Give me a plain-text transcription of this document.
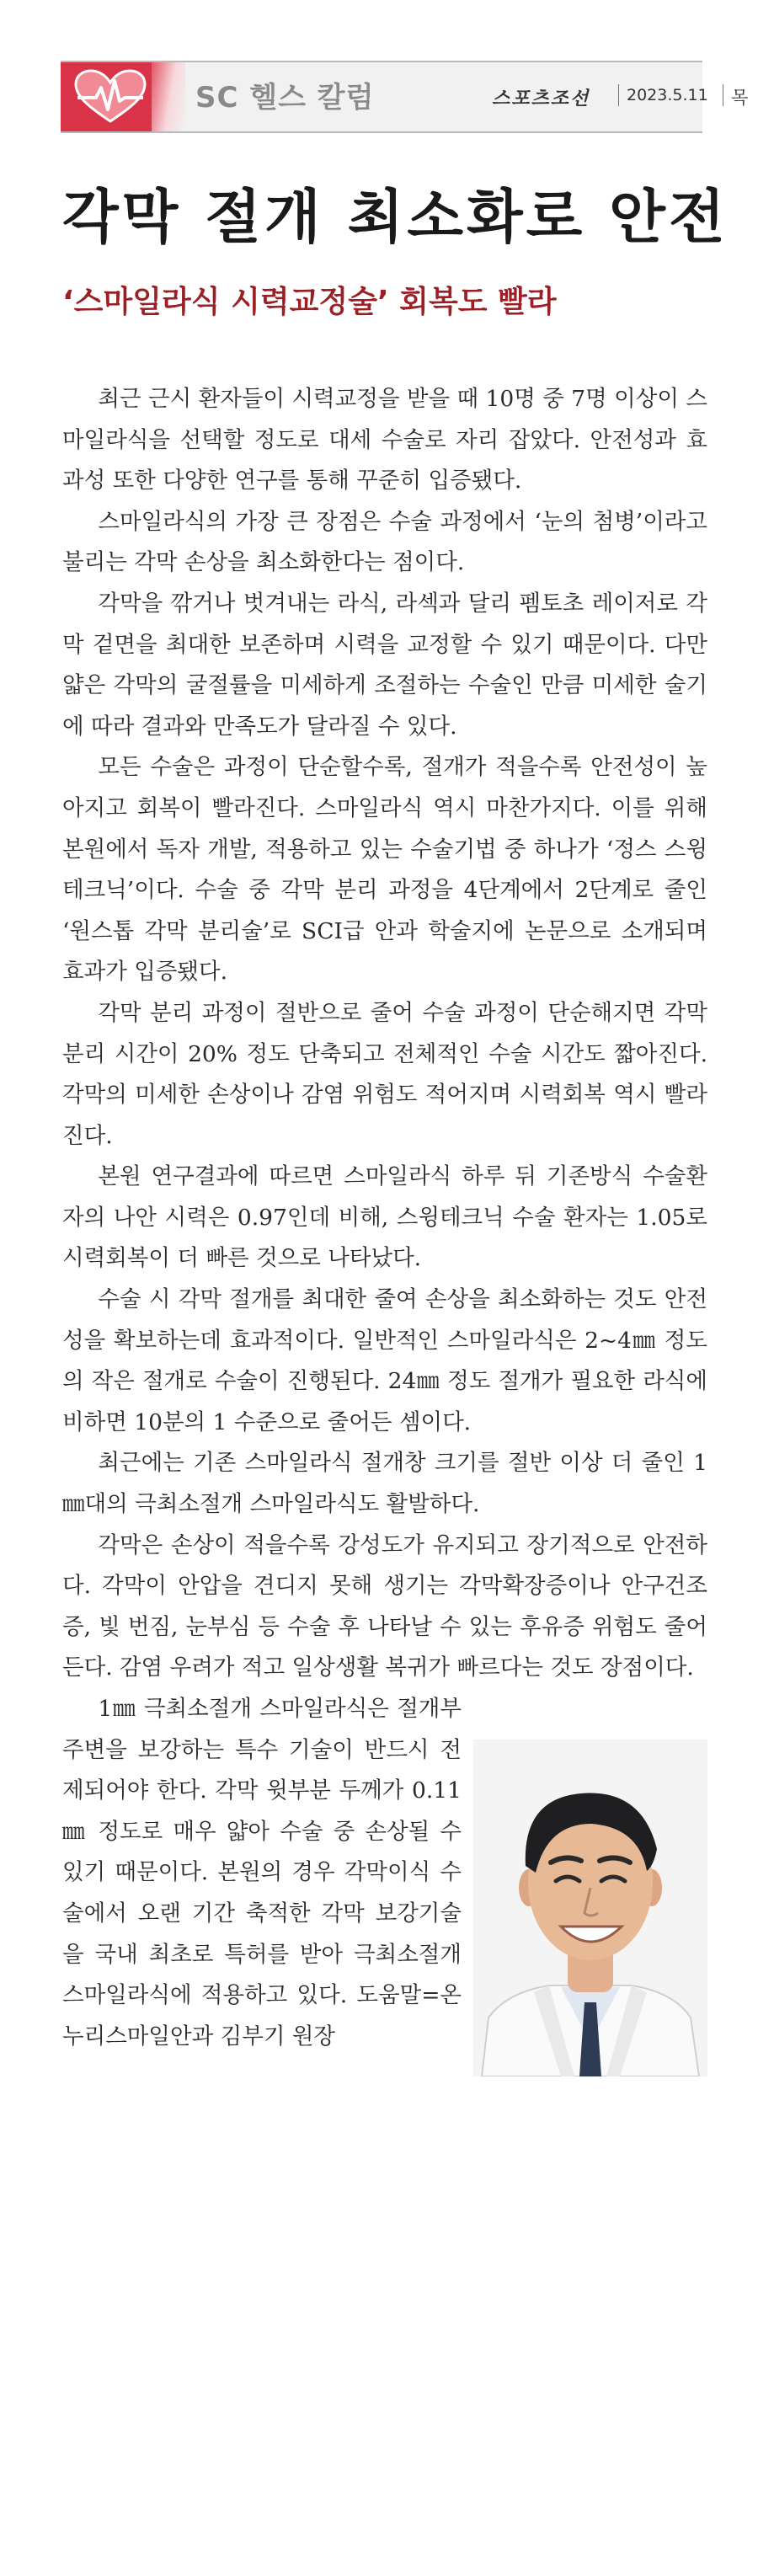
SC 헬스 칼럼	스포츠조선 2023.5.11 목
각막 절개 최소화로 안전
‘스마일라식 시력교정술’ 회복도 빨라

최근 근시 환자들이 시력교정을 받을 때 10명 중 7명 이상이 스마일라식을 선택할 정도로 대세 수술로 자리 잡았다. 안전성과 효과성 또한 다양한 연구를 통해 꾸준히 입증됐다.

스마일라식의 가장 큰 장점은 수술 과정에서 ‘눈의 첨병’이라고 불리는 각막 손상을 최소화한다는 점이다.

각막을 깎거나 벗겨내는 라식, 라섹과 달리 펨토초 레이저로 각막 겉면을 최대한 보존하며 시력을 교정할 수 있기 때문이다. 다만 얇은 각막의 굴절률을 미세하게 조절하는 수술인 만큼 미세한 술기에 따라 결과와 만족도가 달라질 수 있다.

모든 수술은 과정이 단순할수록, 절개가 적을수록 안전성이 높아지고 회복이 빨라진다. 스마일라식 역시 마찬가지다. 이를 위해 본원에서 독자 개발, 적용하고 있는 수술기법 중 하나가 ‘정스 스윙테크닉’이다. 수술 중 각막 분리 과정을 4단계에서 2단계로 줄인 ‘원스톱 각막 분리술’로 SCI급 안과 학술지에 논문으로 소개되며 효과가 입증됐다.

각막 분리 과정이 절반으로 줄어 수술 과정이 단순해지면 각막 분리 시간이 20% 정도 단축되고 전체적인 수술 시간도 짧아진다. 각막의 미세한 손상이나 감염 위험도 적어지며 시력회복 역시 빨라진다.

본원 연구결과에 따르면 스마일라식 하루 뒤 기존방식 수술환자의 나안 시력은 0.97인데 비해, 스윙테크닉 수술 환자는 1.05로 시력회복이 더 빠른 것으로 나타났다.

수술 시 각막 절개를 최대한 줄여 손상을 최소화하는 것도 안전성을 확보하는데 효과적이다. 일반적인 스마일라식은 2~4㎜ 정도의 작은 절개로 수술이 진행된다. 24㎜ 정도 절개가 필요한 라식에 비하면 10분의 1 수준으로 줄어든 셈이다.

최근에는 기존 스마일라식 절개창 크기를 절반 이상 더 줄인 1㎜대의 극최소절개 스마일라식도 활발하다.

각막은 손상이 적을수록 강성도가 유지되고 장기적으로 안전하다. 각막이 안압을 견디지 못해 생기는 각막확장증이나 안구건조증, 빛 번짐, 눈부심 등 수술 후 나타날 수 있는 후유증 위험도 줄어든다. 감염 우려가 적고 일상생활 복귀가 빠르다는 것도 장점이다.

1㎜ 극최소절개 스마일라식은 절개부 주변을 보강하는 특수 기술이 반드시 전제되어야 한다. 각막 윗부분 두께가 0.11㎜ 정도로 매우 얇아 수술 중 손상될 수 있기 때문이다. 본원의 경우 각막이식 수술에서 오랜 기간 축적한 각막 보강기술을 국내 최초로 특허를 받아 극최소절개 스마일라식에 적용하고 있다. 도움말=온누리스마일안과 김부기 원장
